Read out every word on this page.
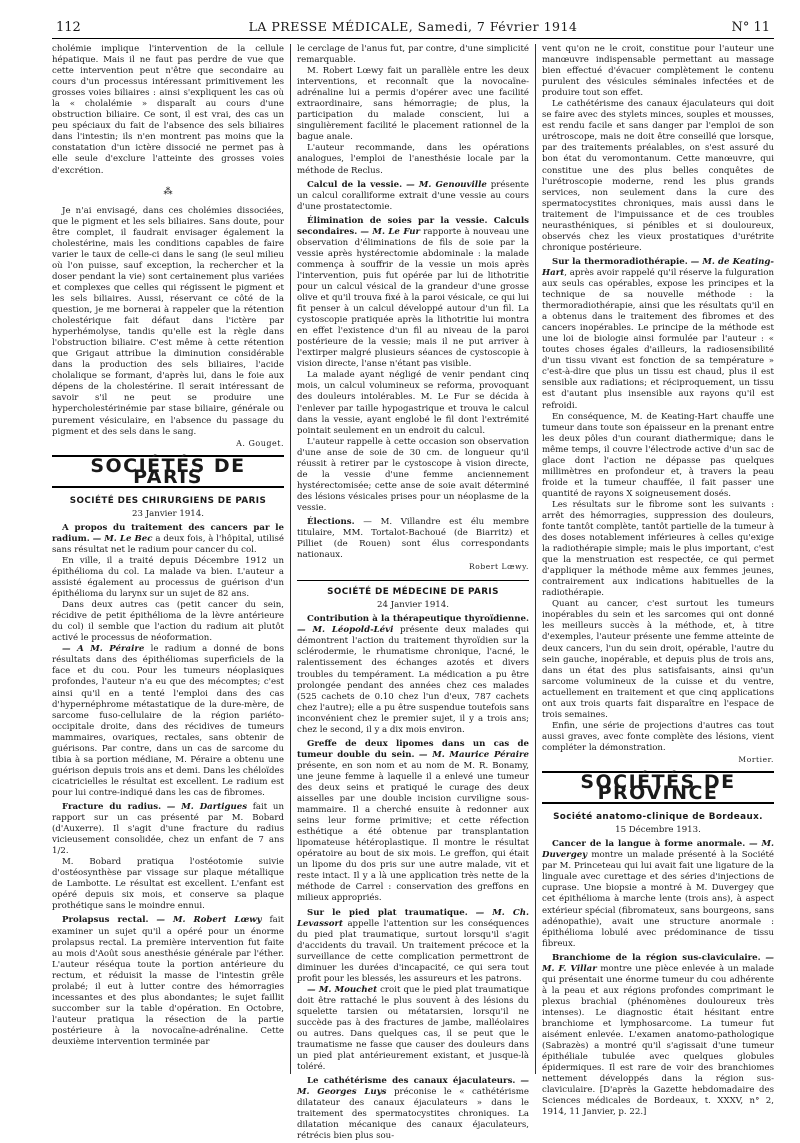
112	LA PRESSE MÉDICALE, Samedi, 7 Février 1914	N° 11

cholémie implique l'intervention de la cellule hépatique. Mais il ne faut pas perdre de vue que cette intervention peut n'être que secondaire au cours d'un processus intéressant primitivement les grosses voies biliaires : ainsi s'expliquent les cas où la « cholalémie » disparaît au cours d'une obstruction biliaire. Ce sont, il est vrai, des cas un peu spéciaux du fait de l'absence des sels biliaires dans l'intestin; ils n'en montrent pas moins que la constatation d'un ictère dissocié ne permet pas à elle seule d'exclure l'atteinte des grosses voies d'excrétion.

⁂

Je n'ai envisagé, dans ces cholémies dissociées, que le pigment et les sels biliaires. Sans doute, pour être complet, il faudrait envisager également la cholestérine, mais les conditions capables de faire varier le taux de celle-ci dans le sang (le seul milieu où l'on puisse, sauf exception, la rechercher et la doser pendant la vie) sont certainement plus variées et complexes que celles qui régissent le pigment et les sels biliaires. Aussi, réservant ce côté de la question, je me bornerai à rappeler que la rétention cholestérique fait défaut dans l'ictère par hyperhémolyse, tandis qu'elle est la règle dans l'obstruction biliaire. C'est même à cette rétention que Grigaut attribue la diminution considérable dans la production des sels biliaires, l'acide cholalique se formant, d'après lui, dans le foie aux dépens de la cholestérine. Il serait intéressant de savoir s'il ne peut se produire une hypercholestérinémie par stase biliaire, générale ou purement vésiculaire, en l'absence du passage du pigment et des sels dans le sang.

A. Gouget.
SOCIÉTÉS DE PARIS
SOCIÉTÉ DES CHIRURGIENS DE PARIS
23 Janvier 1914.

A propos du traitement des cancers par le radium. — M. Le Bec a deux fois, à l'hôpital, utilisé sans résultat net le radium pour cancer du col.

En ville, il a traité depuis Décembre 1912 un épithélioma du col. La malade va bien. L'auteur a assisté également au processus de guérison d'un épithélioma du larynx sur un sujet de 82 ans.

Dans deux autres cas (petit cancer du sein, récidive de petit épithélioma de la lèvre antérieure du col) il semble que l'action du radium ait plutôt activé le processus de néoformation.

— A M. Péraire le radium a donné de bons résultats dans des épithéliomas superficiels de la face et du cou. Pour les tumeurs néoplasiques profondes, l'auteur n'a eu que des mécomptes; c'est ainsi qu'il en a tenté l'emploi dans des cas d'hypernéphrome métastatique de la dure-mère, de sarcome fuso-cellulaire de la région pariéto-occipitale droite, dans des récidives de tumeurs mammaires, ovariques, rectales, sans obtenir de guérisons. Par contre, dans un cas de sarcome du tibia à sa portion médiane, M. Péraire a obtenu une guérison depuis trois ans et demi. Dans les chéloïdes cicatricielles le résultat est excellent. Le radium est pour lui contre-indiqué dans les cas de fibromes.

Fracture du radius. — M. Dartigues fait un rapport sur un cas présenté par M. Bobard (d'Auxerre). Il s'agit d'une fracture du radius vicieusement consolidée, chez un enfant de 7 ans 1/2.

M. Bobard pratiqua l'ostéotomie suivie d'ostéosynthèse par vissage sur plaque métallique de Lambotte. Le résultat est excellent. L'enfant est opéré depuis six mois, et conserve sa plaque prothétique sans le moindre ennui.

Prolapsus rectal. — M. Robert Lœwy fait examiner un sujet qu'il a opéré pour un énorme prolapsus rectal. La première intervention fut faite au mois d'Août sous anesthésie générale par l'éther. L'auteur réséqua toute la portion antérieure du rectum, et réduisit la masse de l'intestin grêle prolabé; il eut à lutter contre des hémorragies incessantes et des plus abondantes; le sujet faillit succomber sur la table d'opération. En Octobre, l'auteur pratiqua la résection de la partie postérieure à la novocaïne-adrénaline. Cette deuxième intervention terminée par

le cerclage de l'anus fut, par contre, d'une simplicité remarquable.

M. Robert Lœwy fait un parallèle entre les deux interventions, et reconnaît que la novocaïne-adrénaline lui a permis d'opérer avec une facilité extraordinaire, sans hémorragie; de plus, la participation du malade conscient, lui a singulièrement facilité le placement rationnel de la bague anale.

L'auteur recommande, dans les opérations analogues, l'emploi de l'anesthésie locale par la méthode de Reclus.

Calcul de la vessie. — M. Genouville présente un calcul coralliforme extrait d'une vessie au cours d'une prostatectomie.

Élimination de soies par la vessie. Calculs secondaires. — M. Le Fur rapporte à nouveau une observation d'éliminations de fils de soie par la vessie après hystérectomie abdominale : la malade commença à souffrir de la vessie un mois après l'intervention, puis fut opérée par lui de lithotritie pour un calcul vésical de la grandeur d'une grosse olive et qu'il trouva fixé à la paroi vésicale, ce qui lui fit penser à un calcul développé autour d'un fil. La cystoscopie pratiquée après la lithotritie lui montra en effet l'existence d'un fil au niveau de la paroi postérieure de la vessie; mais il ne put arriver à l'extirper malgré plusieurs séances de cystoscopie à vision directe, l'anse n'étant pas visible.

La malade ayant négligé de venir pendant cinq mois, un calcul volumineux se reforma, provoquant des douleurs intolérables. M. Le Fur se décida à l'enlever par taille hypogastrique et trouva le calcul dans la vessie, ayant englobé le fil dont l'extrémité pointait seulement en un endroit du calcul.

L'auteur rappelle à cette occasion son observation d'une anse de soie de 30 cm. de longueur qu'il réussit à retirer par le cystoscope à vision directe, de la vessie d'une femme anciennement hystérectomisée; cette anse de soie avait déterminé des lésions vésicales prises pour un néoplasme de la vessie.

Élections. — M. Villandre est élu membre titulaire, MM. Tortalot-Bachoué (de Biarritz) et Pilliet (de Rouen) sont élus correspondants nationaux.

Robert Lœwy.
SOCIÉTÉ DE MÉDECINE DE PARIS
24 Janvier 1914.

Contribution à la thérapeutique thyroïdienne. — M. Léopold-Lévi présente deux malades qui démontrent l'action du traitement thyroïdien sur la sclérodermie, le rhumatisme chronique, l'acné, le ralentissement des échanges azotés et divers troubles du tempérament. La médication a pu être prolongée pendant des années chez ces malades (525 cachets de 0.10 chez l'un d'eux, 787 cachets chez l'autre); elle a pu être suspendue toutefois sans inconvénient chez le premier sujet, il y a trois ans; chez le second, il y a dix mois environ.

Greffe de deux lipomes dans un cas de tumeur double du sein. — M. Maurice Péraire présente, en son nom et au nom de M. R. Bonamy, une jeune femme à laquelle il a enlevé une tumeur des deux seins et pratiqué le curage des deux aisselles par une double incision curviligne sous-mammaire. Il a cherché ensuite à redonner aux seins leur forme primitive; et cette réfection esthétique a été obtenue par transplantation lipomateuse hétéroplastique. Il montre le résultat opératoire au bout de six mois. Le greffon, qui était un lipome du dos pris sur une autre malade, vit et reste intact. Il y a là une application très nette de la méthode de Carrel : conservation des greffons en milieux appropriés.

Sur le pied plat traumatique. — M. Ch. Levassort appelle l'attention sur les conséquences du pied plat traumatique, surtout lorsqu'il s'agit d'accidents du travail. Un traitement précoce et la surveillance de cette complication permettront de diminuer les durées d'incapacité, ce qui sera tout profit pour les blessés, les assureurs et les patrons.

— M. Mouchet croit que le pied plat traumatique doit être rattaché le plus souvent à des lésions du squelette tarsien ou métatarsien, lorsqu'il ne succède pas à des fractures de jambe, malléolaires ou autres. Dans quelques cas, il se peut que le traumatisme ne fasse que causer des douleurs dans un pied plat antérieurement existant, et jusque-là toléré.

Le cathétérisme des canaux éjaculateurs. — M. Georges Luys préconise le « cathétérisme dilatateur des canaux éjaculateurs » dans le traitement des spermatocystites chroniques. La dilatation mécanique des canaux éjaculateurs, rétrécis bien plus sou-

vent qu'on ne le croit, constitue pour l'auteur une manœuvre indispensable permettant au massage bien effectué d'évacuer complètement le contenu purulent des vésicules séminales infectées et de produire tout son effet.

Le cathétérisme des canaux éjaculateurs qui doit se faire avec des stylets minces, souples et mousses, est rendu facile et sans danger par l'emploi de son urétroscope, mais ne doit être conseillé que lorsque, par des traitements préalables, on s'est assuré du bon état du veromontanum. Cette manœuvre, qui constitue une des plus belles conquêtes de l'urétroscopie moderne, rend les plus grands services, non seulement dans la cure des spermatocystites chroniques, mais aussi dans le traitement de l'impuissance et de ces troubles neurasthéniques, si pénibles et si douloureux, observés chez les vieux prostatiques d'urétrite chronique postérieure.

Sur la thermoradiothérapie. — M. de Keating-Hart, après avoir rappelé qu'il réserve la fulguration aux seuls cas opérables, expose les principes et la technique de sa nouvelle méthode : la thermoradiothérapie, ainsi que les résultats qu'il en a obtenus dans le traitement des fibromes et des cancers inopérables. Le principe de la méthode est une loi de biologie ainsi formulée par l'auteur : « toutes choses égales d'ailleurs, la radiosensibilité d'un tissu vivant est fonction de sa température » c'est-à-dire que plus un tissu est chaud, plus il est sensible aux radiations; et réciproquement, un tissu est d'autant plus insensible aux rayons qu'il est refroidi.

En conséquence, M. de Keating-Hart chauffe une tumeur dans toute son épaisseur en la prenant entre les deux pôles d'un courant diathermique; dans le même temps, il couvre l'électrode active d'un sac de glace dont l'action ne dépasse pas quelques millimètres en profondeur et, à travers la peau froide et la tumeur chauffée, il fait passer une quantité de rayons X soigneusement dosés.

Les résultats sur le fibrome sont les suivants : arrêt des hémorragies, suppression des douleurs, fonte tantôt complète, tantôt partielle de la tumeur à des doses notablement inférieures à celles qu'exige la radiothérapie simple; mais le plus important, c'est que la menstruation est respectée, ce qui permet d'appliquer la méthode même aux femmes jeunes, contrairement aux indications habituelles de la radiothérapie.

Quant au cancer, c'est surtout les tumeurs inopérables du sein et les sarcomes qui ont donné les meilleurs succès à la méthode, et, à titre d'exemples, l'auteur présente une femme atteinte de deux cancers, l'un du sein droit, opérable, l'autre du sein gauche, inopérable, et depuis plus de trois ans, dans un état des plus satisfaisants, ainsi qu'un sarcome volumineux de la cuisse et du ventre, actuellement en traitement et que cinq applications ont aux trois quarts fait disparaître en l'espace de trois semaines.

Enfin, une série de projections d'autres cas tout aussi graves, avec fonte complète des lésions, vient compléter la démonstration.

Mortier.
SOCIÉTÉS DE PROVINCE
Société anatomo-clinique de Bordeaux.
15 Décembre 1913.

Cancer de la langue à forme anormale. — M. Duvergey montre un malade présenté à la Société par M. Princeteau qui lui avait fait une ligature de la linguale avec curettage et des séries d'injections de cuprase. Une biopsie a montré à M. Duvergey que cet épithélioma à marche lente (trois ans), à aspect extérieur spécial (fibromateux, sans bourgeons, sans adénopathie), avait une structure anormale : épithélioma lobulé avec prédominance de tissu fibreux.

Branchiome de la région sus-claviculaire. — M. F. Villar montre une pièce enlevée à un malade qui présentait une énorme tumeur du cou adhérente à la peau et aux régions profondes comprimant le plexus brachial (phénomènes douloureux très intenses). Le diagnostic était hésitant entre branchiome et lymphosarcome. La tumeur fut aisément enlevée. L'examen anatomo-pathologique (Sabrazès) a montré qu'il s'agissait d'une tumeur épithéliale tubulée avec quelques globules épidermiques. Il est rare de voir des branchiomes nettement développés dans la région sus-claviculaire. [D'après la Gazette hebdomadaire des Sciences médicales de Bordeaux, t. XXXV, n° 2, 1914, 11 Janvier, p. 22.]
